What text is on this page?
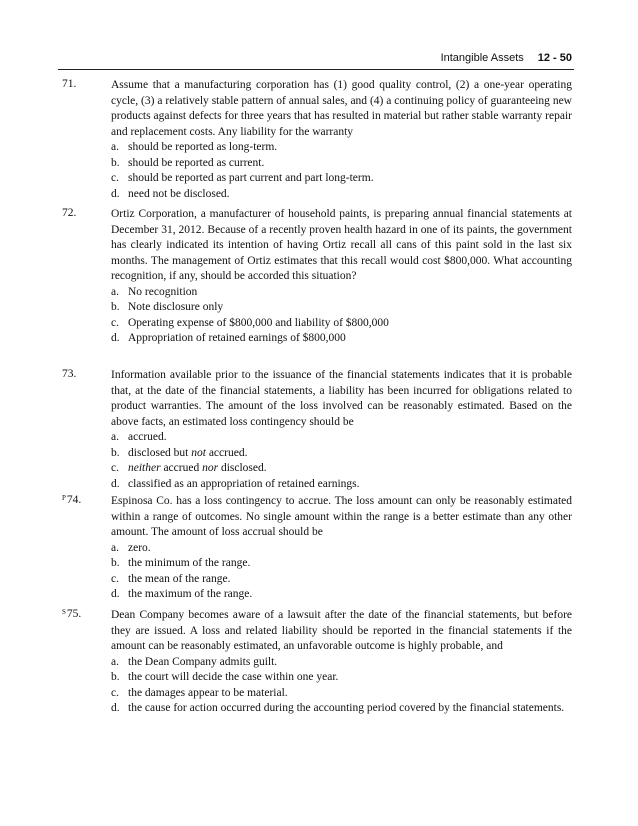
Intangible Assets 12 - 50
71.	Assume that a manufacturing corporation has (1) good quality control, (2) a one-year operating cycle, (3) a relatively stable pattern of annual sales, and (4) a continuing policy of guaranteeing new products against defects for three years that has resulted in material but rather stable warranty repair and replacement costs. Any liability for the warranty

a. should be reported as long-term.
b. should be reported as current.
c. should be reported as part current and part long-term.
d. need not be disclosed.
72.	Ortiz Corporation, a manufacturer of household paints, is preparing annual financial statements at December 31, 2012. Because of a recently proven health hazard in one of its paints, the government has clearly indicated its intention of having Ortiz recall all cans of this paint sold in the last six months. The management of Ortiz estimates that this recall would cost $800,000. What accounting recognition, if any, should be accorded this situation?

a. No recognition
b. Note disclosure only
c. Operating expense of $800,000 and liability of $800,000
d. Appropriation of retained earnings of $800,000
73.	Information available prior to the issuance of the financial statements indicates that it is probable that, at the date of the financial statements, a liability has been incurred for obligations related to product warranties. The amount of the loss involved can be reasonably estimated. Based on the above facts, an estimated loss contingency should be

a. accrued.
b. disclosed but not accrued.
c. neither accrued nor disclosed.
d. classified as an appropriation of retained earnings.
$^P$74.	Espinosa Co. has a loss contingency to accrue. The loss amount can only be reasonably estimated within a range of outcomes. No single amount within the range is a better estimate than any other amount. The amount of loss accrual should be

a. zero.
b. the minimum of the range.
c. the mean of the range.
d. the maximum of the range.
$^S$75.	Dean Company becomes aware of a lawsuit after the date of the financial statements, but before they are issued. A loss and related liability should be reported in the financial statements if the amount can be reasonably estimated, an unfavorable outcome is highly probable, and

a. the Dean Company admits guilt.
b. the court will decide the case within one year.
c. the damages appear to be material.
d. the cause for action occurred during the accounting period covered by the financial statements.
